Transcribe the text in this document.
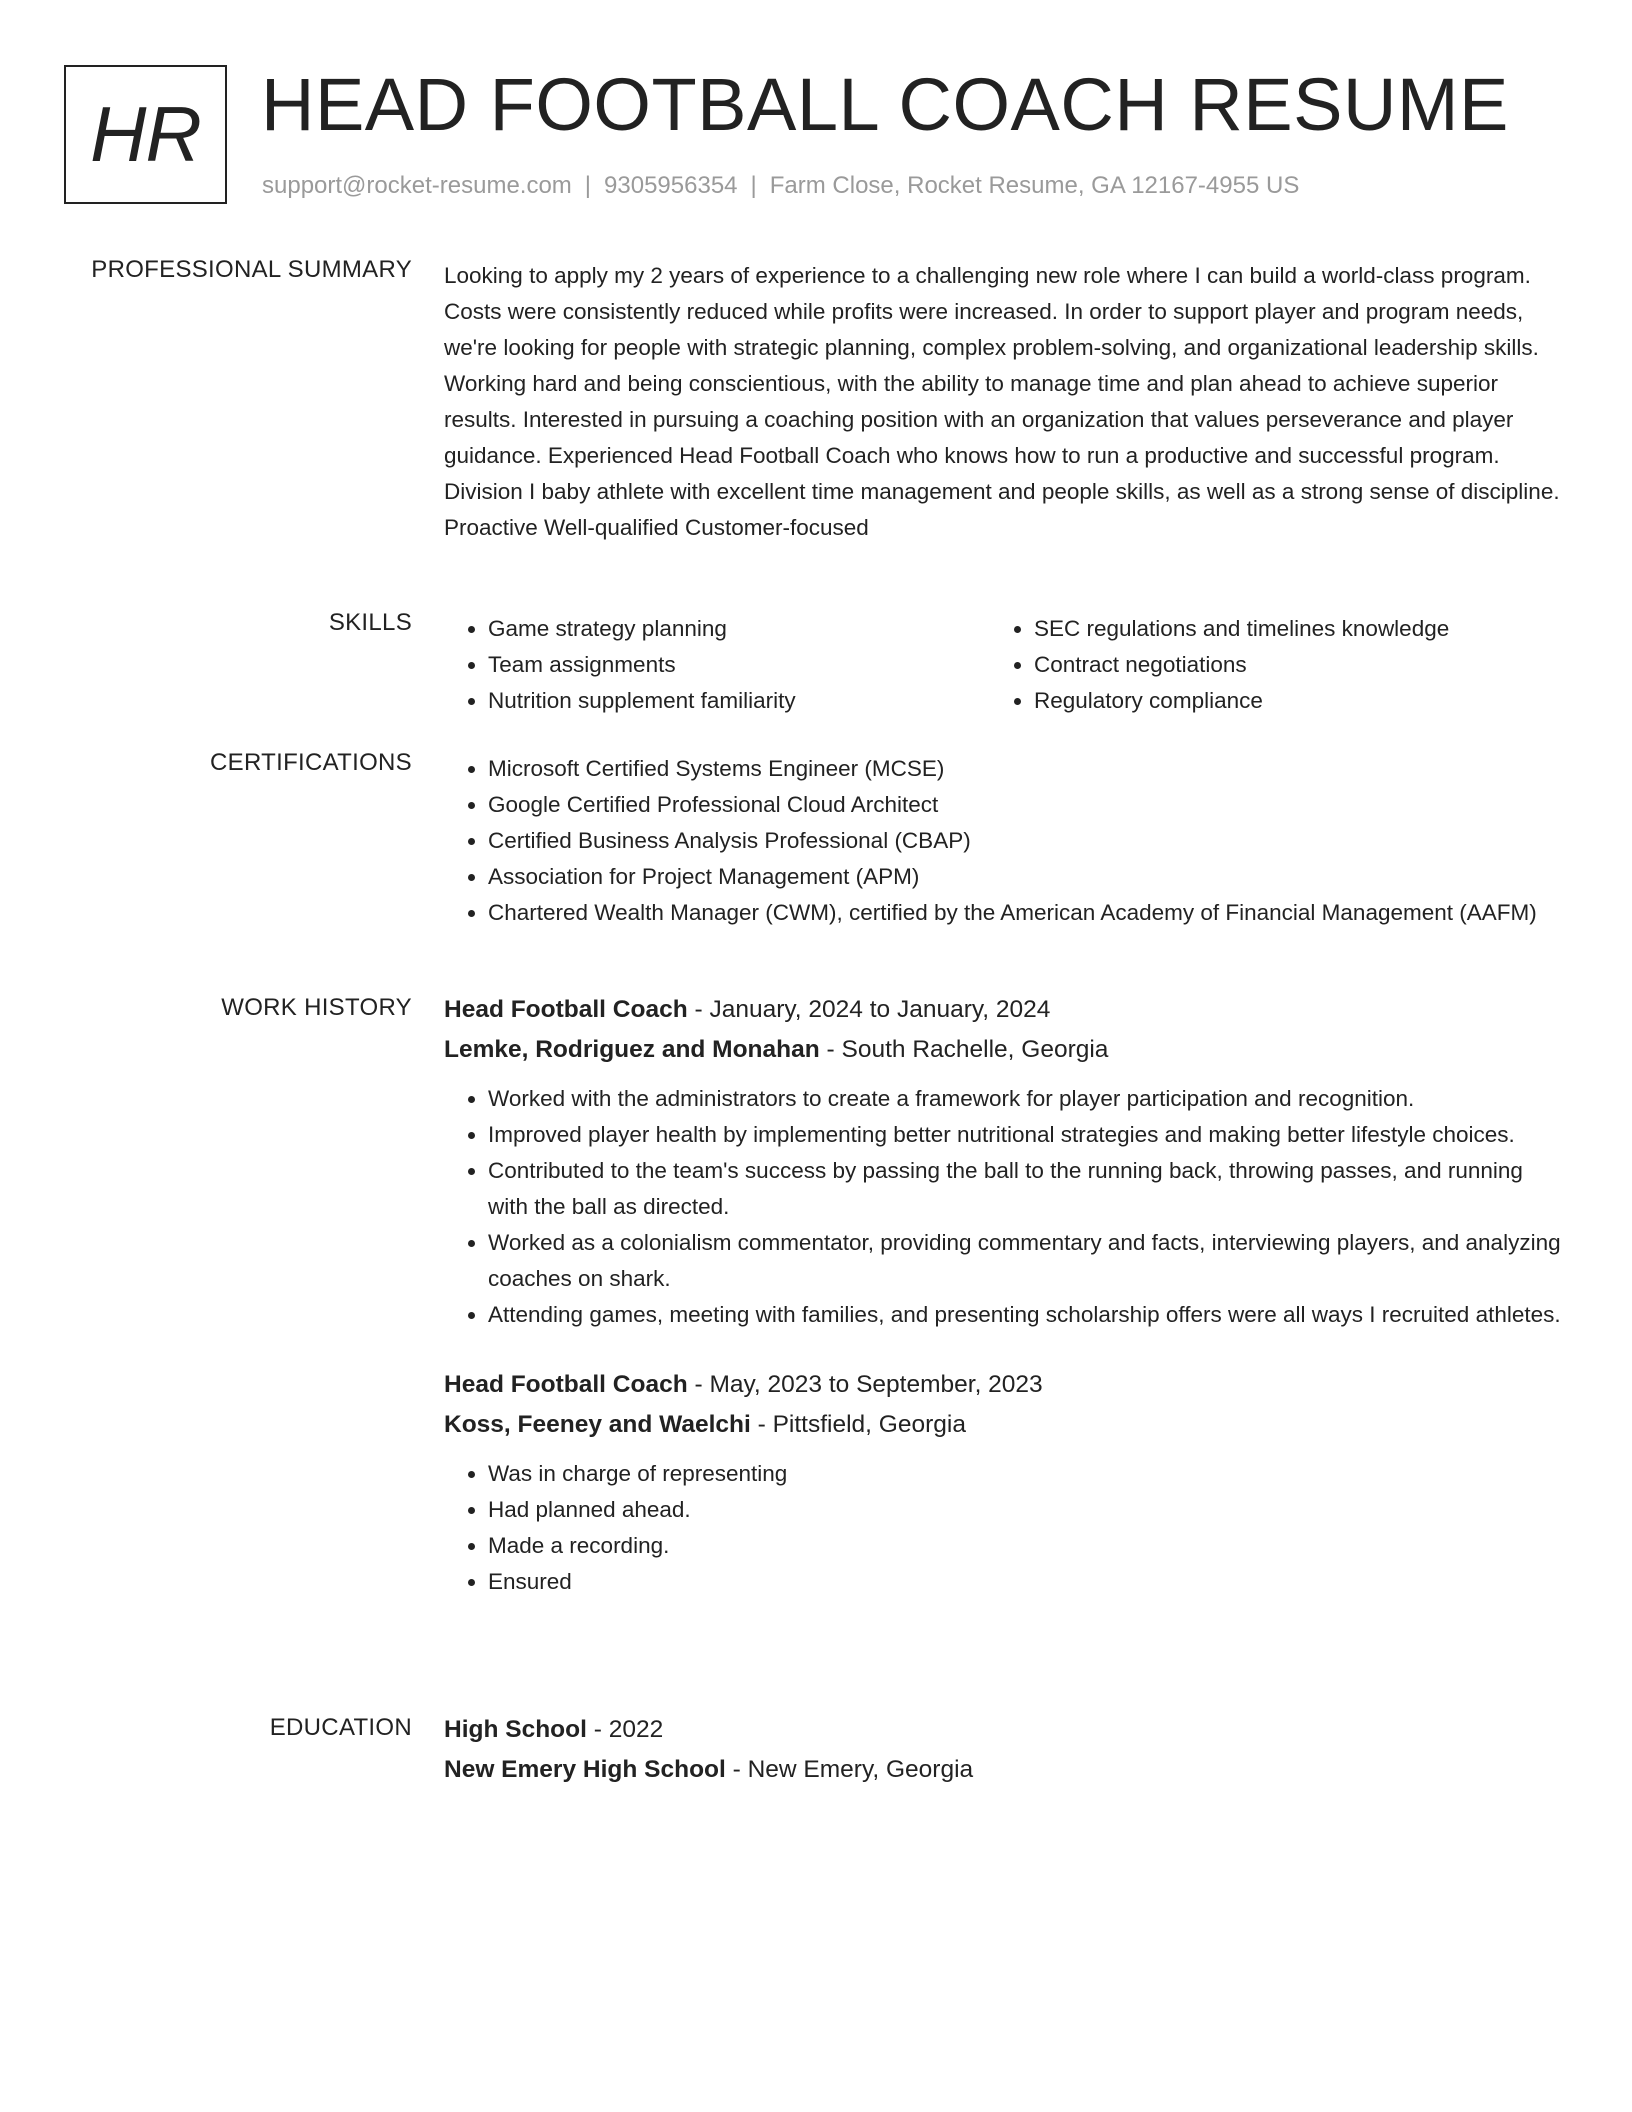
HR HEAD FOOTBALL COACH RESUME
support@rocket-resume.com | 9305956354 | Farm Close, Rocket Resume, GA 12167-4955 US
PROFESSIONAL SUMMARY Looking to apply my 2 years of experience to a challenging new role where I can build a world-class program. Costs were consistently reduced while profits were increased. In order to support player and program needs, we're looking for people with strategic planning, complex problem-solving, and organizational leadership skills. Working hard and being conscientious, with the ability to manage time and plan ahead to achieve superior results. Interested in pursuing a coaching position with an organization that values perseverance and player guidance. Experienced Head Football Coach who knows how to run a productive and successful program. Division I baby athlete with excellent time management and people skills, as well as a strong sense of discipline. Proactive Well-qualified Customer-focused

SKILLS	• Game strategy planning
• Team assignments
• Nutrition supplement familiarity
• SEC regulations and timelines knowledge
• Contract negotiations
• Regulatory compliance
CERTIFICATIONS	• Microsoft Certified Systems Engineer (MCSE)
• Google Certified Professional Cloud Architect
• Certified Business Analysis Professional (CBAP)
• Association for Project Management (APM)
• Chartered Wealth Manager (CWM), certified by the American Academy of Financial Management (AAFM)
WORK HISTORY Head Football Coach - January, 2024 to January, 2024
Lemke, Rodriguez and Monahan - South Rachelle, Georgia
• Worked with the administrators to create a framework for player participation and recognition.
• Improved player health by implementing better nutritional strategies and making better lifestyle choices.
• Contributed to the team's success by passing the ball to the running back, throwing passes, and running with the ball as directed.
• Worked as a colonialism commentator, providing commentary and facts, interviewing players, and analyzing coaches on shark.
• Attending games, meeting with families, and presenting scholarship offers were all ways I recruited athletes.
Head Football Coach - May, 2023 to September, 2023
Koss, Feeney and Waelchi - Pittsfield, Georgia
• Was in charge of representing
• Had planned ahead.
• Made a recording.
• Ensured
EDUCATION High School - 2022
New Emery High School - New Emery, Georgia
